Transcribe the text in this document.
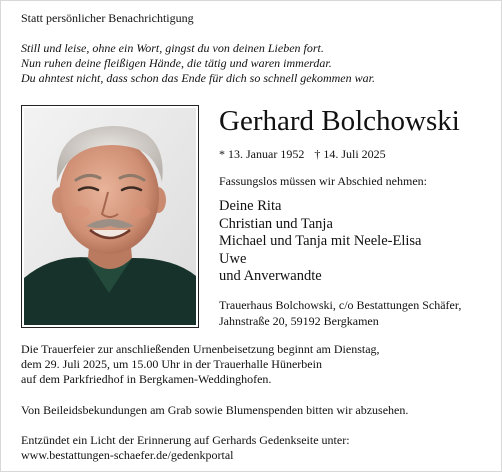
Statt persönlicher Benachrichtigung
Still und leise, ohne ein Wort, gingst du von deinen Lieben fort.
Nun ruhen deine fleißigen Hände, die tätig und waren immerdar.
Du ahntest nicht, dass schon das Ende für dich so schnell gekommen war.
Gerhard Bolchowski
* 13. Januar 1952 † 14. Juli 2025
Fassungslos müssen wir Abschied nehmen:
Deine Rita
Christian und Tanja
Michael und Tanja mit Neele-Elisa
Uwe
und Anverwandte
Trauerhaus Bolchowski, c/o Bestattungen Schäfer,
Jahnstraße 20, 59192 Bergkamen
Die Trauerfeier zur anschließenden Urnenbeisetzung beginnt am Dienstag,
dem 29. Juli 2025, um 15.00 Uhr in der Trauerhalle Hünerbein
auf dem Parkfriedhof in Bergkamen-Weddinghofen.
Von Beileidsbekundungen am Grab sowie Blumenspenden bitten wir abzusehen.
Entzündet ein Licht der Erinnerung auf Gerhards Gedenkseite unter:
www.bestattungen-schaefer.de/gedenkportal
